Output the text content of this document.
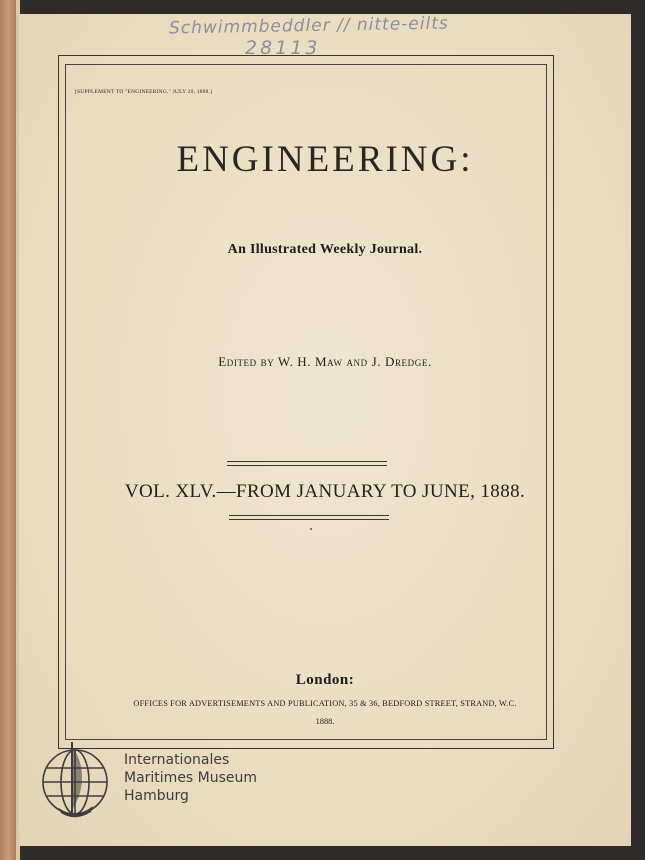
Schwimmbeddler // nitte-eilts
28113
[SUPPLEMENT TO "ENGINEERING," JULY 20, 1888.]
ENGINEERING:
An Illustrated Weekly Journal.
Edited by W. H. Maw and J. Dredge.
VOL. XLV.—FROM JANUARY TO JUNE, 1888.
London:
OFFICES FOR ADVERTISEMENTS AND PUBLICATION, 35 & 36, BEDFORD STREET, STRAND, W.C.
1888.
Internationales
Maritimes Museum
Hamburg
